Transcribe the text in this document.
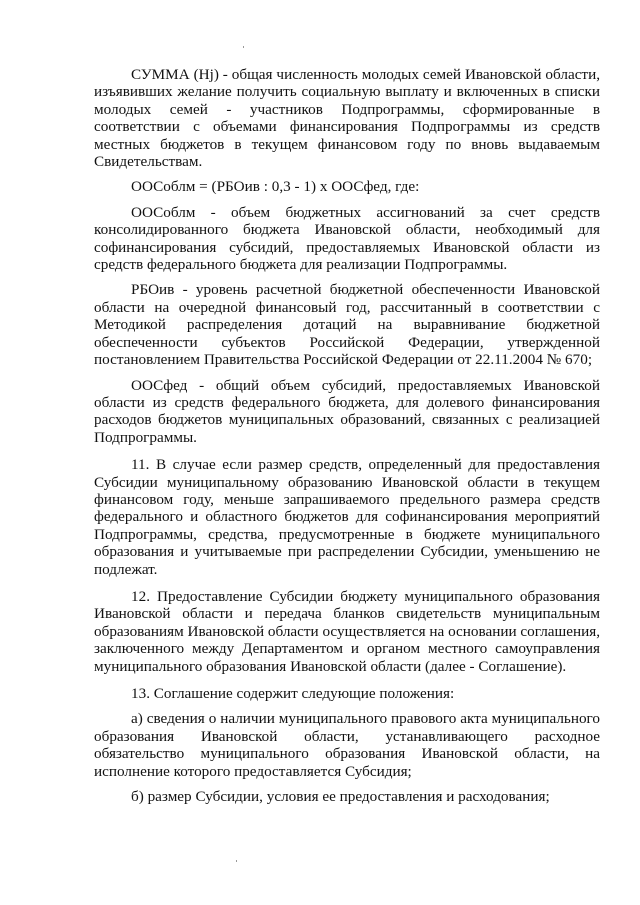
СУММА (Hj) - общая численность молодых семей Ивановской области, изъявивших желание получить социальную выплату и включенных в списки молодых семей - участников Подпрограммы, сформированные в соответствии с объемами финансирования Подпрограммы из средств местных бюджетов в текущем финансовом году по вновь выдаваемым Свидетельствам.

ООСоблм = (РБОив : 0,3 - 1) х ООСфед, где:

ООСоблм - объем бюджетных ассигнований за счет средств консолидированного бюджета Ивановской области, необходимый для софинансирования субсидий, предоставляемых Ивановской области из средств федерального бюджета для реализации Подпрограммы.

РБОив - уровень расчетной бюджетной обеспеченности Ивановской области на очередной финансовый год, рассчитанный в соответствии с Методикой распределения дотаций на выравнивание бюджетной обеспеченности субъектов Российской Федерации, утвержденной постановлением Правительства Российской Федерации от 22.11.2004 № 670;

ООСфед - общий объем субсидий, предоставляемых Ивановской области из средств федерального бюджета, для долевого финансирования расходов бюджетов муниципальных образований, связанных с реализацией Подпрограммы.

11. В случае если размер средств, определенный для предоставления Субсидии муниципальному образованию Ивановской области в текущем финансовом году, меньше запрашиваемого предельного размера средств федерального и областного бюджетов для софинансирования мероприятий Подпрограммы, средства, предусмотренные в бюджете муниципального образования и учитываемые при распределении Субсидии, уменьшению не подлежат.

12. Предоставление Субсидии бюджету муниципального образования Ивановской области и передача бланков свидетельств муниципальным образованиям Ивановской области осуществляется на основании соглашения, заключенного между Департаментом и органом местного самоуправления муниципального образования Ивановской области (далее - Соглашение).

13. Соглашение содержит следующие положения:

а) сведения о наличии муниципального правового акта муниципального образования Ивановской области, устанавливающего расходное обязательство муниципального образования Ивановской области, на исполнение которого предоставляется Субсидия;

б) размер Субсидии, условия ее предоставления и расходования;
